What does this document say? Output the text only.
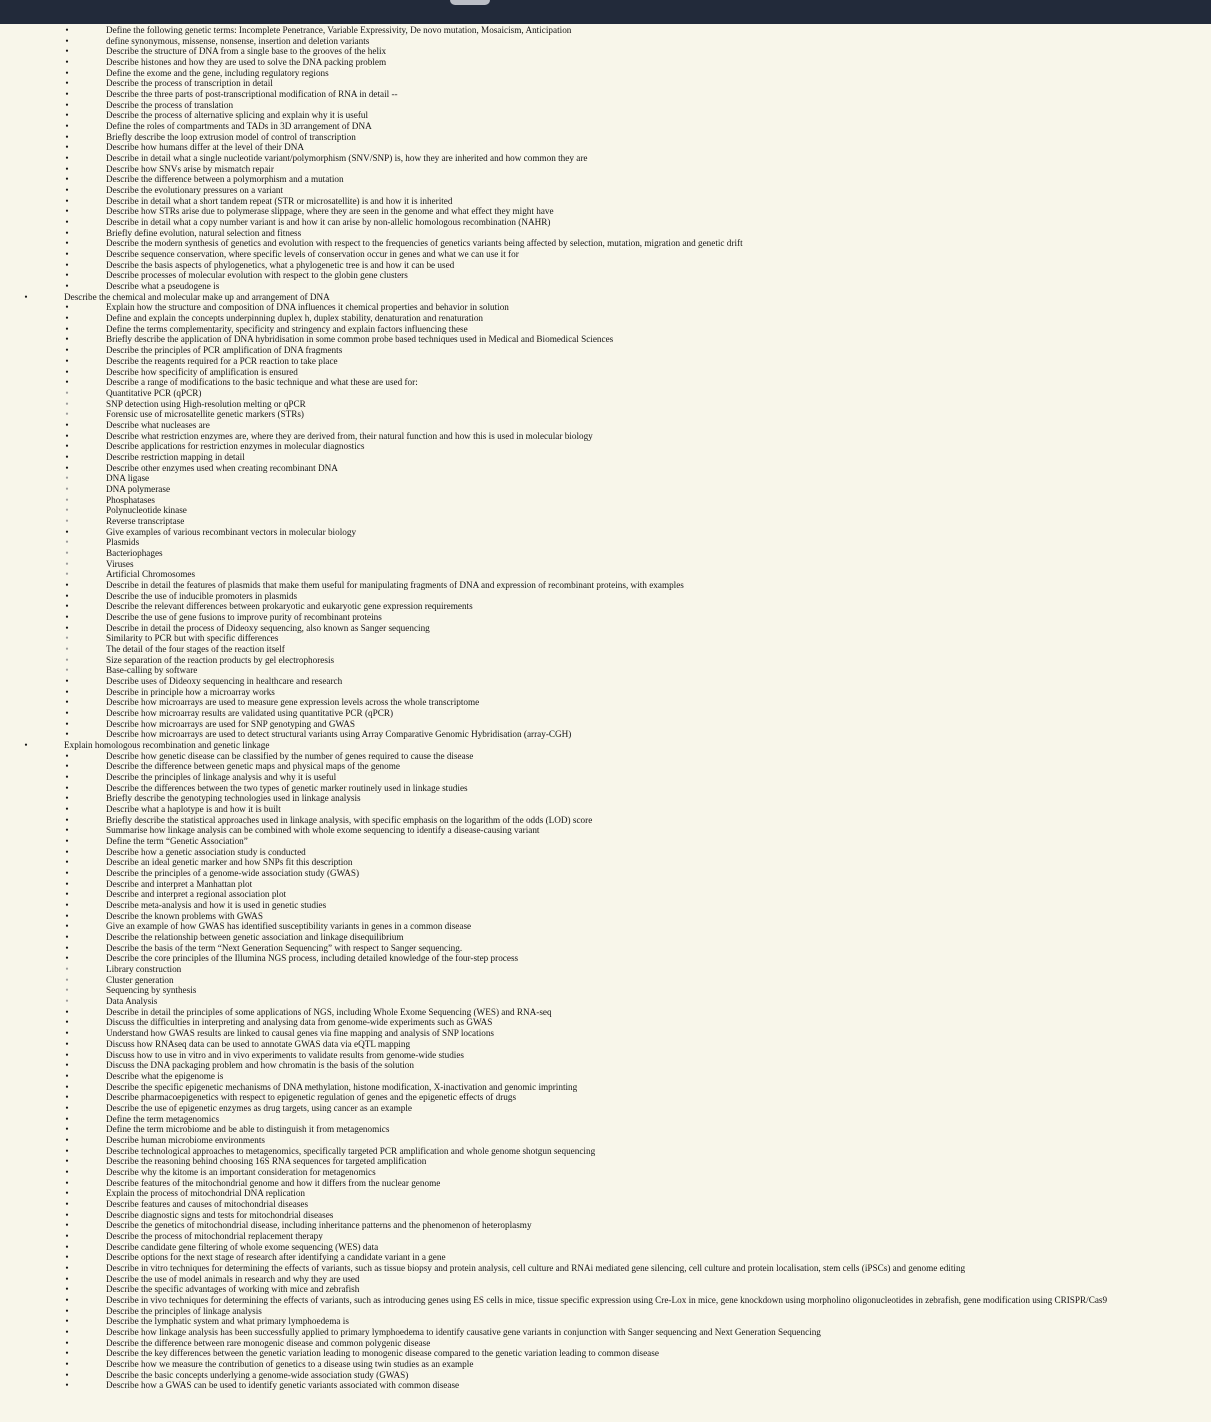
•	Define the following genetic terms: Incomplete Penetrance, Variable Expressivity, De novo mutation, Mosaicism, Anticipation
•	define synonymous, missense, nonsense, insertion and deletion variants
•	Describe the structure of DNA from a single base to the grooves of the helix
•	Describe histones and how they are used to solve the DNA packing problem
•	Define the exome and the gene, including regulatory regions
•	Describe the process of transcription in detail
•	Describe the three parts of post-transcriptional modification of RNA in detail --
•	Describe the process of translation
•	Describe the process of alternative splicing and explain why it is useful
•	Define the roles of compartments and TADs in 3D arrangement of DNA
•	Briefly describe the loop extrusion model of control of transcription
•	Describe how humans differ at the level of their DNA
•	Describe in detail what a single nucleotide variant/polymorphism (SNV/SNP) is, how they are inherited and how common they are
•	Describe how SNVs arise by mismatch repair
•	Describe the difference between a polymorphism and a mutation
•	Describe the evolutionary pressures on a variant
•	Describe in detail what a short tandem repeat (STR or microsatellite) is and how it is inherited
•	Describe how STRs arise due to polymerase slippage, where they are seen in the genome and what effect they might have
•	Describe in detail what a copy number variant is and how it can arise by non-allelic homologous recombination (NAHR)
•	Briefly define evolution, natural selection and fitness
•	Describe the modern synthesis of genetics and evolution with respect to the frequencies of genetics variants being affected by selection, mutation, migration and genetic drift
•	Describe sequence conservation, where specific levels of conservation occur in genes and what we can use it for
•	Describe the basis aspects of phylogenetics, what a phylogenetic tree is and how it can be used
•	Describe processes of molecular evolution with respect to the globin gene clusters
•	Describe what a pseudogene is
•	Describe the chemical and molecular make up and arrangement of DNA
•	Explain how the structure and composition of DNA influences it chemical properties and behavior in solution
•	Define and explain the concepts underpinning duplex h, duplex stability, denaturation and renaturation
•	Define the terms complementarity, specificity and stringency and explain factors influencing these
•	Briefly describe the application of DNA hybridisation in some common probe based techniques used in Medical and Biomedical Sciences
•	Describe the principles of PCR amplification of DNA fragments
•	Describe the reagents required for a PCR reaction to take place
•	Describe how specificity of amplification is ensured
•	Describe a range of modifications to the basic technique and what these are used for:
•	Quantitative PCR (qPCR)
•	SNP detection using High-resolution melting or qPCR
•	Forensic use of microsatellite genetic markers (STRs)
•	Describe what nucleases are
•	Describe what restriction enzymes are, where they are derived from, their natural function and how this is used in molecular biology
•	Describe applications for restriction enzymes in molecular diagnostics
•	Describe restriction mapping in detail
•	Describe other enzymes used when creating recombinant DNA
•	DNA ligase
•	DNA polymerase
•	Phosphatases
•	Polynucleotide kinase
•	Reverse transcriptase
•	Give examples of various recombinant vectors in molecular biology
•	Plasmids
•	Bacteriophages
•	Viruses
•	Artificial Chromosomes
•	Describe in detail the features of plasmids that make them useful for manipulating fragments of DNA and expression of recombinant proteins, with examples
•	Describe the use of inducible promoters in plasmids
•	Describe the relevant differences between prokaryotic and eukaryotic gene expression requirements
•	Describe the use of gene fusions to improve purity of recombinant proteins
•	Describe in detail the process of Dideoxy sequencing, also known as Sanger sequencing
•	Similarity to PCR but with specific differences
•	The detail of the four stages of the reaction itself
•	Size separation of the reaction products by gel electrophoresis
•	Base-calling by software
•	Describe uses of Dideoxy sequencing in healthcare and research
•	Describe in principle how a microarray works
•	Describe how microarrays are used to measure gene expression levels across the whole transcriptome
•	Describe how microarray results are validated using quantitative PCR (qPCR)
•	Describe how microarrays are used for SNP genotyping and GWAS
•	Describe how microarrays are used to detect structural variants using Array Comparative Genomic Hybridisation (array-CGH)
•	Explain homologous recombination and genetic linkage
•	Describe how genetic disease can be classified by the number of genes required to cause the disease
•	Describe the difference between genetic maps and physical maps of the genome
•	Describe the principles of linkage analysis and why it is useful
•	Describe the differences between the two types of genetic marker routinely used in linkage studies
•	Briefly describe the genotyping technologies used in linkage analysis
•	Describe what a haplotype is and how it is built
•	Briefly describe the statistical approaches used in linkage analysis, with specific emphasis on the logarithm of the odds (LOD) score
•	Summarise how linkage analysis can be combined with whole exome sequencing to identify a disease-causing variant
•	Define the term “Genetic Association”
•	Describe how a genetic association study is conducted
•	Describe an ideal genetic marker and how SNPs fit this description
•	Describe the principles of a genome-wide association study (GWAS)
•	Describe and interpret a Manhattan plot
•	Describe and interpret a regional association plot
•	Describe meta-analysis and how it is used in genetic studies
•	Describe the known problems with GWAS
•	Give an example of how GWAS has identified susceptibility variants in genes in a common disease
•	Describe the relationship between genetic association and linkage disequilibrium
•	Describe the basis of the term “Next Generation Sequencing” with respect to Sanger sequencing.
•	Describe the core principles of the Illumina NGS process, including detailed knowledge of the four-step process
•	Library construction
•	Cluster generation
•	Sequencing by synthesis
•	Data Analysis
•	Describe in detail the principles of some applications of NGS, including Whole Exome Sequencing (WES) and RNA-seq
•	Discuss the difficulties in interpreting and analysing data from genome-wide experiments such as GWAS
•	Understand how GWAS results are linked to causal genes via fine mapping and analysis of SNP locations
•	Discuss how RNAseq data can be used to annotate GWAS data via eQTL mapping
•	Discuss how to use in vitro and in vivo experiments to validate results from genome-wide studies
•	Discuss the DNA packaging problem and how chromatin is the basis of the solution
•	Describe what the epigenome is
•	Describe the specific epigenetic mechanisms of DNA methylation, histone modification, X-inactivation and genomic imprinting
•	Describe pharmacoepigenetics with respect to epigenetic regulation of genes and the epigenetic effects of drugs
•	Describe the use of epigenetic enzymes as drug targets, using cancer as an example
•	Define the term metagenomics
•	Define the term microbiome and be able to distinguish it from metagenomics
•	Describe human microbiome environments
•	Describe technological approaches to metagenomics, specifically targeted PCR amplification and whole genome shotgun sequencing
•	Describe the reasoning behind choosing 16S RNA sequences for targeted amplification
•	Describe why the kitome is an important consideration for metagenomics
•	Describe features of the mitochondrial genome and how it differs from the nuclear genome
•	Explain the process of mitochondrial DNA replication
•	Describe features and causes of mitochondrial diseases
•	Describe diagnostic signs and tests for mitochondrial diseases
•	Describe the genetics of mitochondrial disease, including inheritance patterns and the phenomenon of heteroplasmy
•	Describe the process of mitochondrial replacement therapy
•	Describe candidate gene filtering of whole exome sequencing (WES) data
•	Describe options for the next stage of research after identifying a candidate variant in a gene
•	Describe in vitro techniques for determining the effects of variants, such as tissue biopsy and protein analysis, cell culture and RNAi mediated gene silencing, cell culture and protein localisation, stem cells (iPSCs) and genome editing
•	Describe the use of model animals in research and why they are used
•	Describe the specific advantages of working with mice and zebrafish
•	Describe in vivo techniques for determining the effects of variants, such as introducing genes using ES cells in mice, tissue specific expression using Cre-Lox in mice, gene knockdown using morpholino oligonucleotides in zebrafish, gene modification using CRISPR/Cas9
•	Describe the principles of linkage analysis
•	Describe the lymphatic system and what primary lymphoedema is
•	Describe how linkage analysis has been successfully applied to primary lymphoedema to identify causative gene variants in conjunction with Sanger sequencing and Next Generation Sequencing
•	Describe the difference between rare monogenic disease and common polygenic disease
•	Describe the key differences between the genetic variation leading to monogenic disease compared to the genetic variation leading to common disease
•	Describe how we measure the contribution of genetics to a disease using twin studies as an example
•	Describe the basic concepts underlying a genome-wide association study (GWAS)
•	Describe how a GWAS can be used to identify genetic variants associated with common disease
